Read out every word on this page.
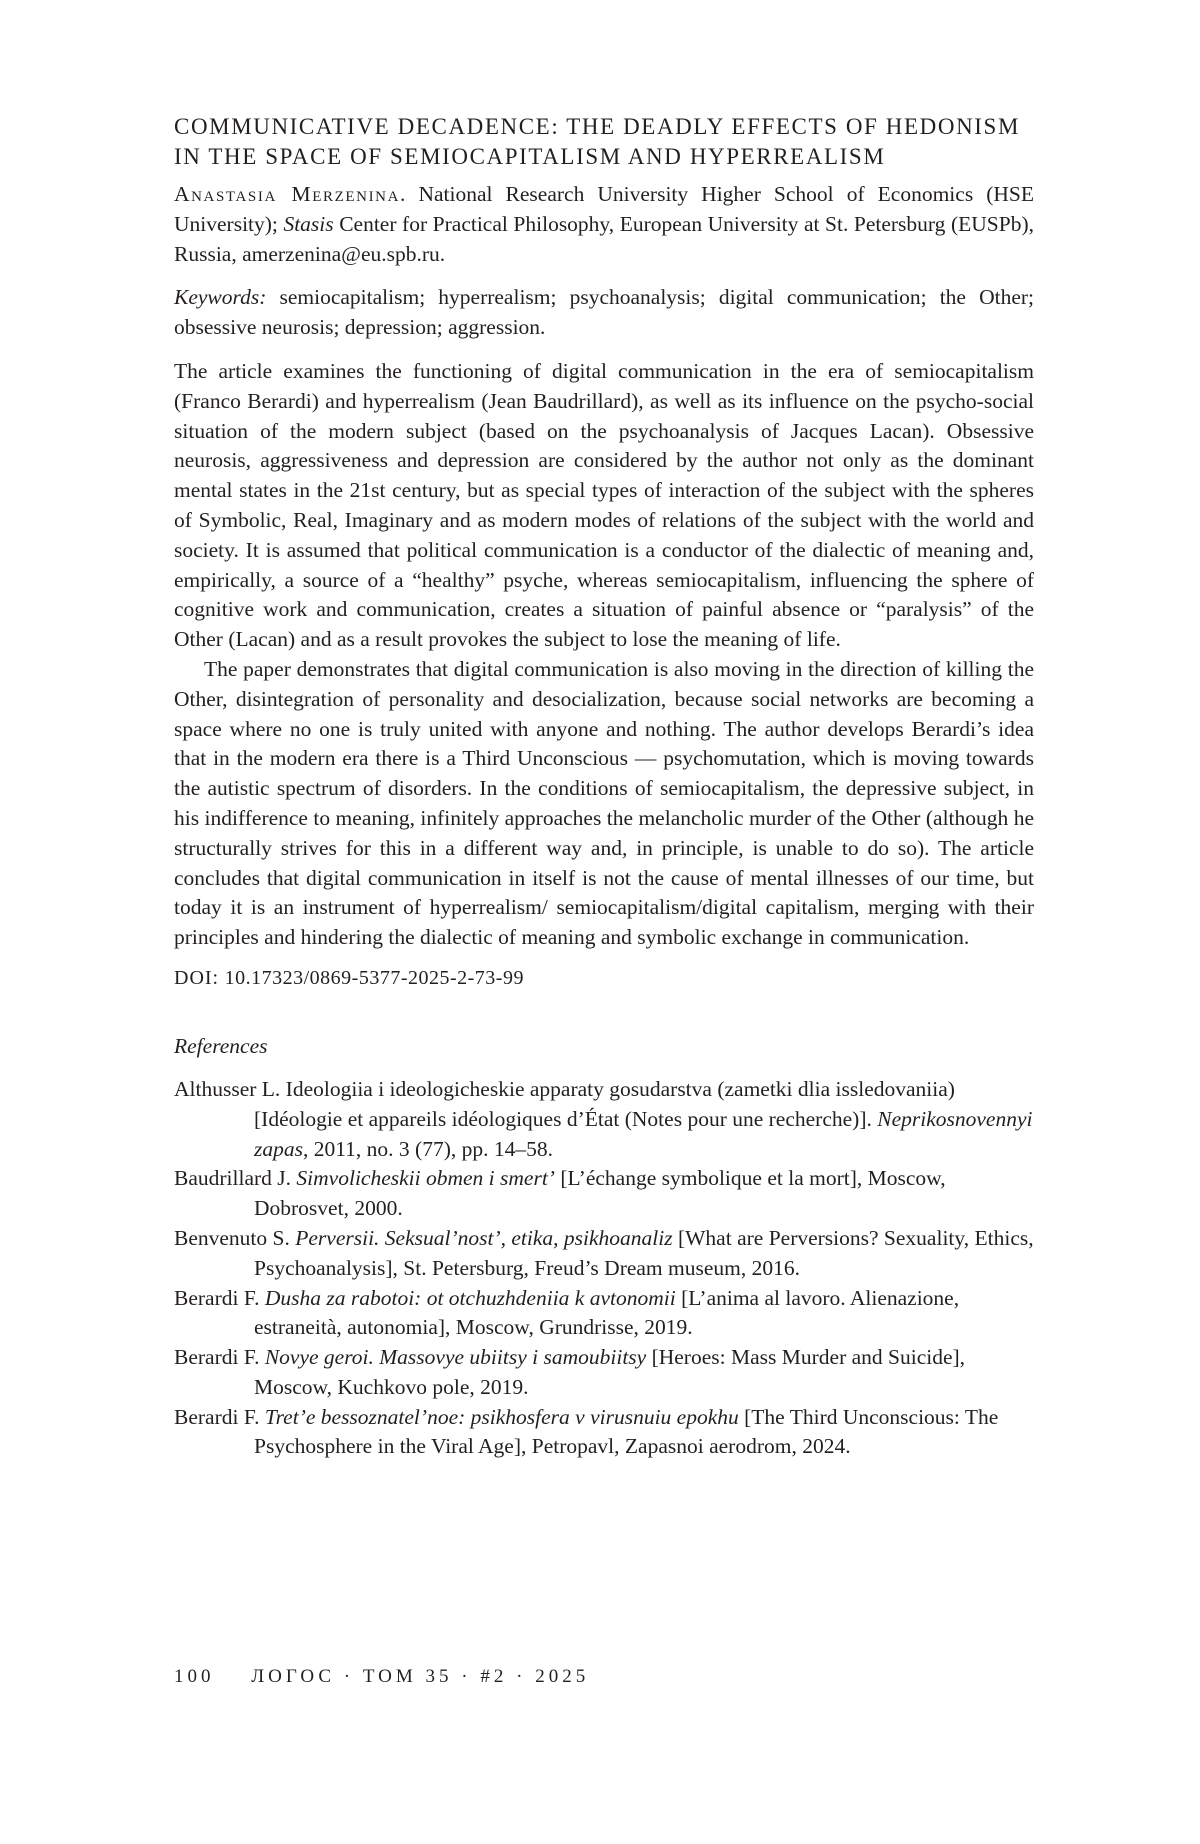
COMMUNICATIVE DECADENCE: THE DEADLY EFFECTS OF HEDONISM
IN THE SPACE OF SEMIOCAPITALISM AND HYPERREALISM

Anastasia Merzenina. National Research University Higher School of Economics (HSE University); Stasis Center for Practical Philosophy, European University at St. Petersburg (EUSPb), Russia, amerzenina@eu.spb.ru.

Keywords: semiocapitalism; hyperrealism; psychoanalysis; digital communication; the Other; obsessive neurosis; depression; aggression.

The article examines the functioning of digital communication in the era of semiocapitalism (Franco Berardi) and hyperrealism (Jean Baudrillard), as well as its influence on the psycho-social situation of the modern subject (based on the psychoanalysis of Jacques Lacan). Obsessive neurosis, aggressiveness and depression are considered by the author not only as the dominant mental states in the 21st century, but as special types of interaction of the subject with the spheres of Symbolic, Real, Imaginary and as modern modes of relations of the subject with the world and society. It is assumed that political communication is a conductor of the dialectic of meaning and, empirically, a source of a “healthy” psyche, whereas semiocapitalism, influencing the sphere of cognitive work and communication, creates a situation of painful absence or “paralysis” of the Other (Lacan) and as a result provokes the subject to lose the meaning of life.

The paper demonstrates that digital communication is also moving in the direction of killing the Other, disintegration of personality and desocialization, because social networks are becoming a space where no one is truly united with anyone and nothing. The author develops Berardi’s idea that in the modern era there is a Third Unconscious — psychomutation, which is moving towards the autistic spectrum of disorders. In the conditions of semiocapitalism, the depressive subject, in his indifference to meaning, infinitely approaches the melancholic murder of the Other (although he structurally strives for this in a different way and, in principle, is unable to do so). The article concludes that digital communication in itself is not the cause of mental illnesses of our time, but today it is an instrument of hyperrealism/ semiocapitalism/digital capitalism, merging with their principles and hindering the dialectic of meaning and symbolic exchange in communication.

DOI: 10.17323/0869-5377-2025-2-73-99
References

Althusser L. Ideologiia i ideologicheskie apparaty gosudarstva (zametki dlia issledovaniia) [Idéologie et appareils idéologiques d’État (Notes pour une recherche)]. Neprikosnovennyi zapas, 2011, no. 3 (77), pp. 14–58.

Baudrillard J. Simvolicheskii obmen i smert’ [L’échange symbolique et la mort], Moscow, Dobrosvet, 2000.

Benvenuto S. Perversii. Seksual’nost’, etika, psikhoanaliz [What are Perversions? Sexuality, Ethics, Psychoanalysis], St. Petersburg, Freud’s Dream museum, 2016.

Berardi F. Dusha za rabotoi: ot otchuzhdeniia k avtonomii [L’anima al lavoro. Alienazione, estraneità, autonomia], Moscow, Grundrisse, 2019.

Berardi F. Novye geroi. Massovye ubiitsy i samoubiitsy [Heroes: Mass Murder and Suicide], Moscow, Kuchkovo pole, 2019.

Berardi F. Tret’e bessoznatel’noe: psikhosfera v virusnuiu epokhu [The Third Unconscious: The Psychosphere in the Viral Age], Petropavl, Zapasnoi aerodrom, 2024.

100 ЛОГОС · ТОМ 35 · #2 · 2025
